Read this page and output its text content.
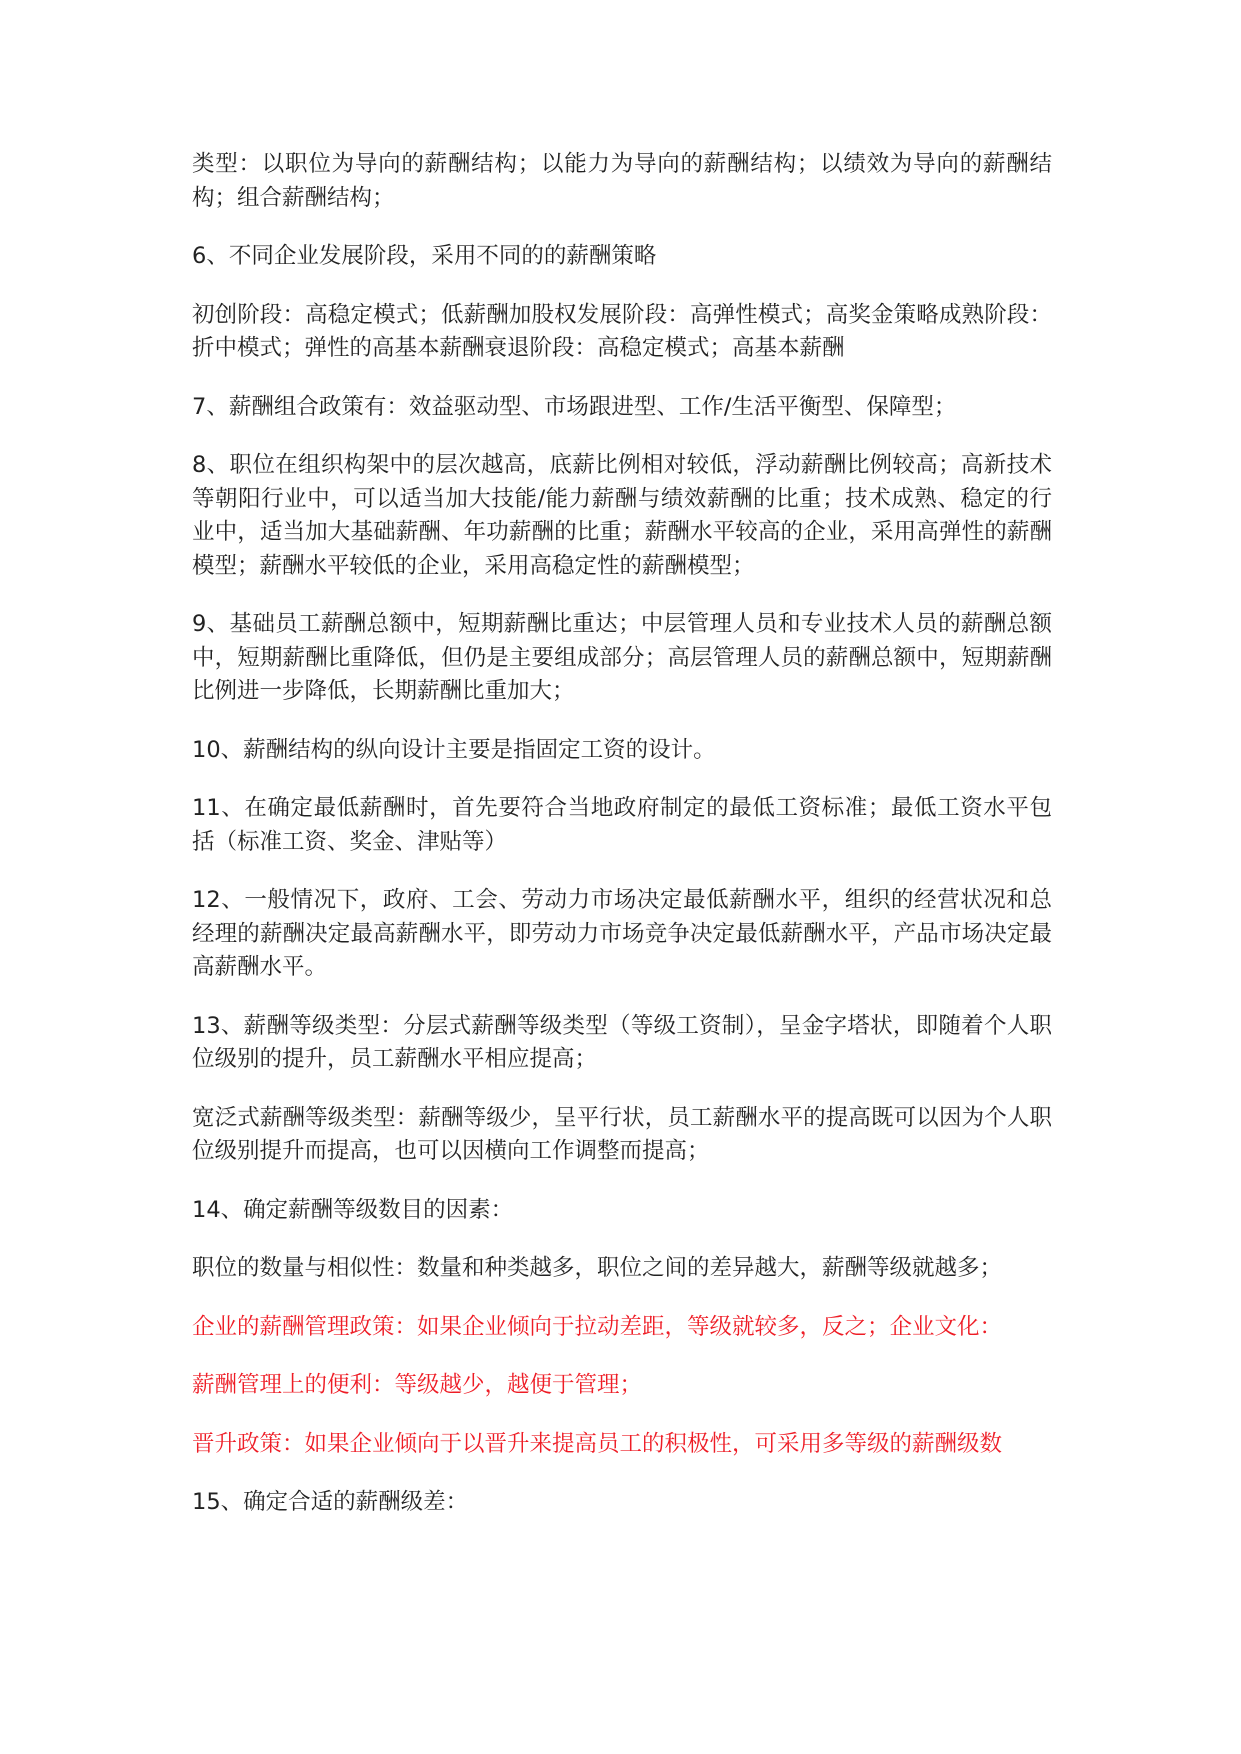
类型：以职位为导向的薪酬结构；以能力为导向的薪酬结构；以绩效为导向的薪酬结构；组合薪酬结构；

6、不同企业发展阶段，采用不同的的薪酬策略

初创阶段：高稳定模式；低薪酬加股权发展阶段：高弹性模式；高奖金策略成熟阶段：折中模式；弹性的高基本薪酬衰退阶段：高稳定模式；高基本薪酬

7、薪酬组合政策有：效益驱动型、市场跟进型、工作/生活平衡型、保障型；

8、职位在组织构架中的层次越高，底薪比例相对较低，浮动薪酬比例较高；高新技术等朝阳行业中，可以适当加大技能/能力薪酬与绩效薪酬的比重；技术成熟、稳定的行业中，适当加大基础薪酬、年功薪酬的比重；薪酬水平较高的企业，采用高弹性的薪酬模型；薪酬水平较低的企业，采用高稳定性的薪酬模型；

9、基础员工薪酬总额中，短期薪酬比重达；中层管理人员和专业技术人员的薪酬总额中，短期薪酬比重降低，但仍是主要组成部分；高层管理人员的薪酬总额中，短期薪酬比例进一步降低，长期薪酬比重加大；

10、薪酬结构的纵向设计主要是指固定工资的设计。

11、在确定最低薪酬时，首先要符合当地政府制定的最低工资标准；最低工资水平包括（标准工资、奖金、津贴等）

12、一般情况下，政府、工会、劳动力市场决定最低薪酬水平，组织的经营状况和总经理的薪酬决定最高薪酬水平，即劳动力市场竞争决定最低薪酬水平，产品市场决定最高薪酬水平。

13、薪酬等级类型：分层式薪酬等级类型（等级工资制），呈金字塔状，即随着个人职位级别的提升，员工薪酬水平相应提高；

宽泛式薪酬等级类型：薪酬等级少，呈平行状，员工薪酬水平的提高既可以因为个人职位级别提升而提高，也可以因横向工作调整而提高；

14、确定薪酬等级数目的因素：

职位的数量与相似性：数量和种类越多，职位之间的差异越大，薪酬等级就越多；

企业的薪酬管理政策：如果企业倾向于拉动差距，等级就较多，反之；企业文化：

薪酬管理上的便利：等级越少，越便于管理；

晋升政策：如果企业倾向于以晋升来提高员工的积极性，可采用多等级的薪酬级数

15、确定合适的薪酬级差：
